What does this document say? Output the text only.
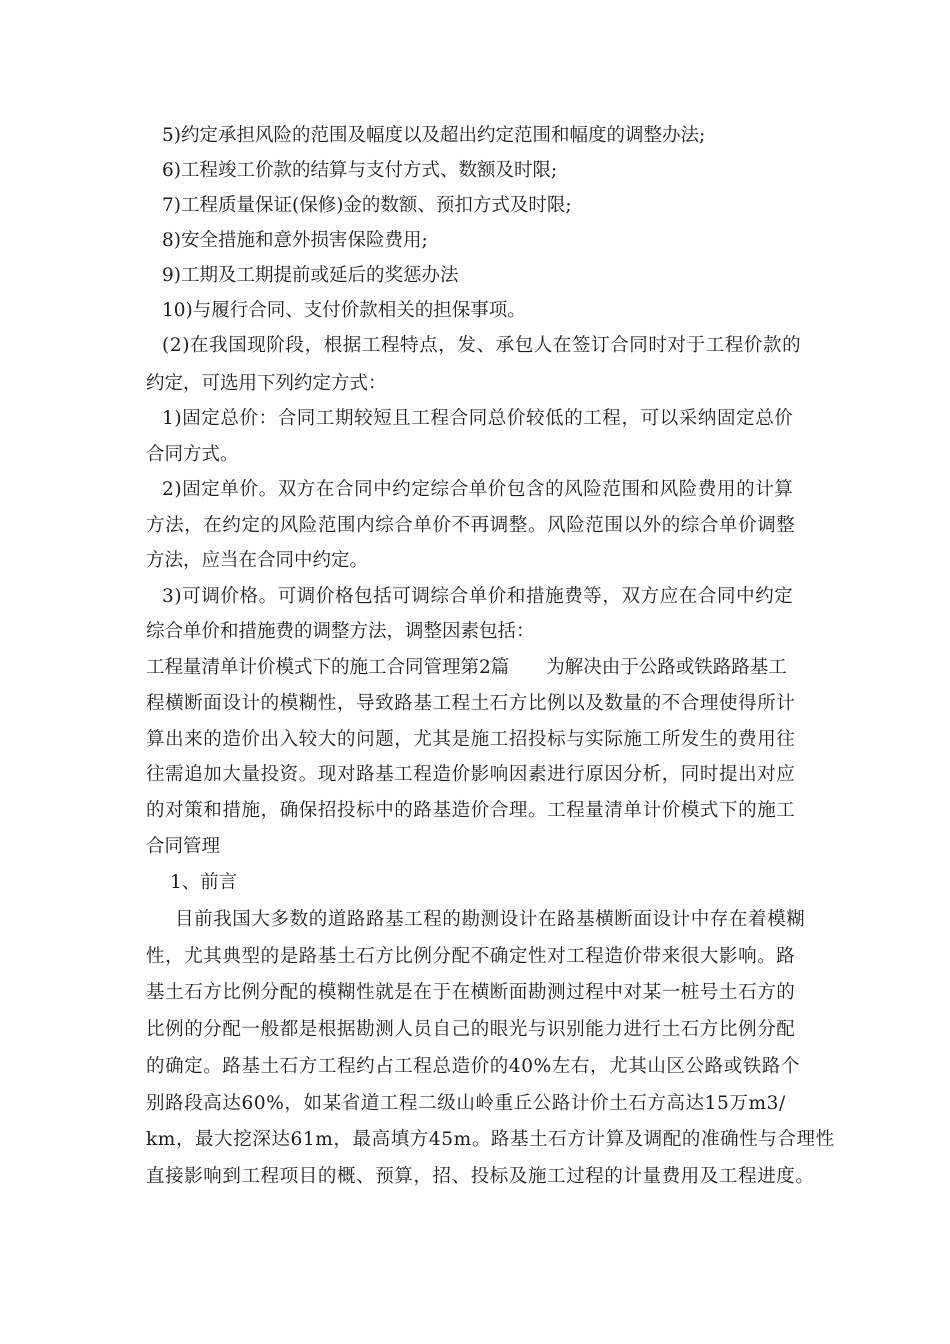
5)约定承担风险的范围及幅度以及超出约定范围和幅度的调整办法;

6)工程竣工价款的结算与支付方式、数额及时限;

7)工程质量保证(保修)金的数额、预扣方式及时限;

8)安全措施和意外损害保险费用;

9)工期及工期提前或延后的奖惩办法

10)与履行合同、支付价款相关的担保事项。

(2)在我国现阶段，根据工程特点，发、承包人在签订合同时对于工程价款的

约定，可选用下列约定方式：

1)固定总价：合同工期较短且工程合同总价较低的工程，可以采纳固定总价

合同方式。

2)固定单价。双方在合同中约定综合单价包含的风险范围和风险费用的计算

方法，在约定的风险范围内综合单价不再调整。风险范围以外的综合单价调整

方法，应当在合同中约定。

3)可调价格。可调价格包括可调综合单价和措施费等，双方应在合同中约定

综合单价和措施费的调整方法，调整因素包括：

工程量清单计价模式下的施工合同管理第2篇　　为解决由于公路或铁路路基工

程横断面设计的模糊性，导致路基工程土石方比例以及数量的不合理使得所计

算出来的造价出入较大的问题，尤其是施工招投标与实际施工所发生的费用往

往需追加大量投资。现对路基工程造价影响因素进行原因分析，同时提出对应

的对策和措施，确保招投标中的路基造价合理。工程量清单计价模式下的施工

合同管理

1、前言

目前我国大多数的道路路基工程的勘测设计在路基横断面设计中存在着模糊

性，尤其典型的是路基土石方比例分配不确定性对工程造价带来很大影响。路

基土石方比例分配的模糊性就是在于在横断面勘测过程中对某一桩号土石方的

比例的分配一般都是根据勘测人员自己的眼光与识别能力进行土石方比例分配

的确定。路基土石方工程约占工程总造价的40%左右，尤其山区公路或铁路个

别路段高达60%，如某省道工程二级山岭重丘公路计价土石方高达15万m3/

km，最大挖深达61m，最高填方45m。路基土石方计算及调配的准确性与合理性

直接影响到工程项目的概、预算，招、投标及施工过程的计量费用及工程进度。
